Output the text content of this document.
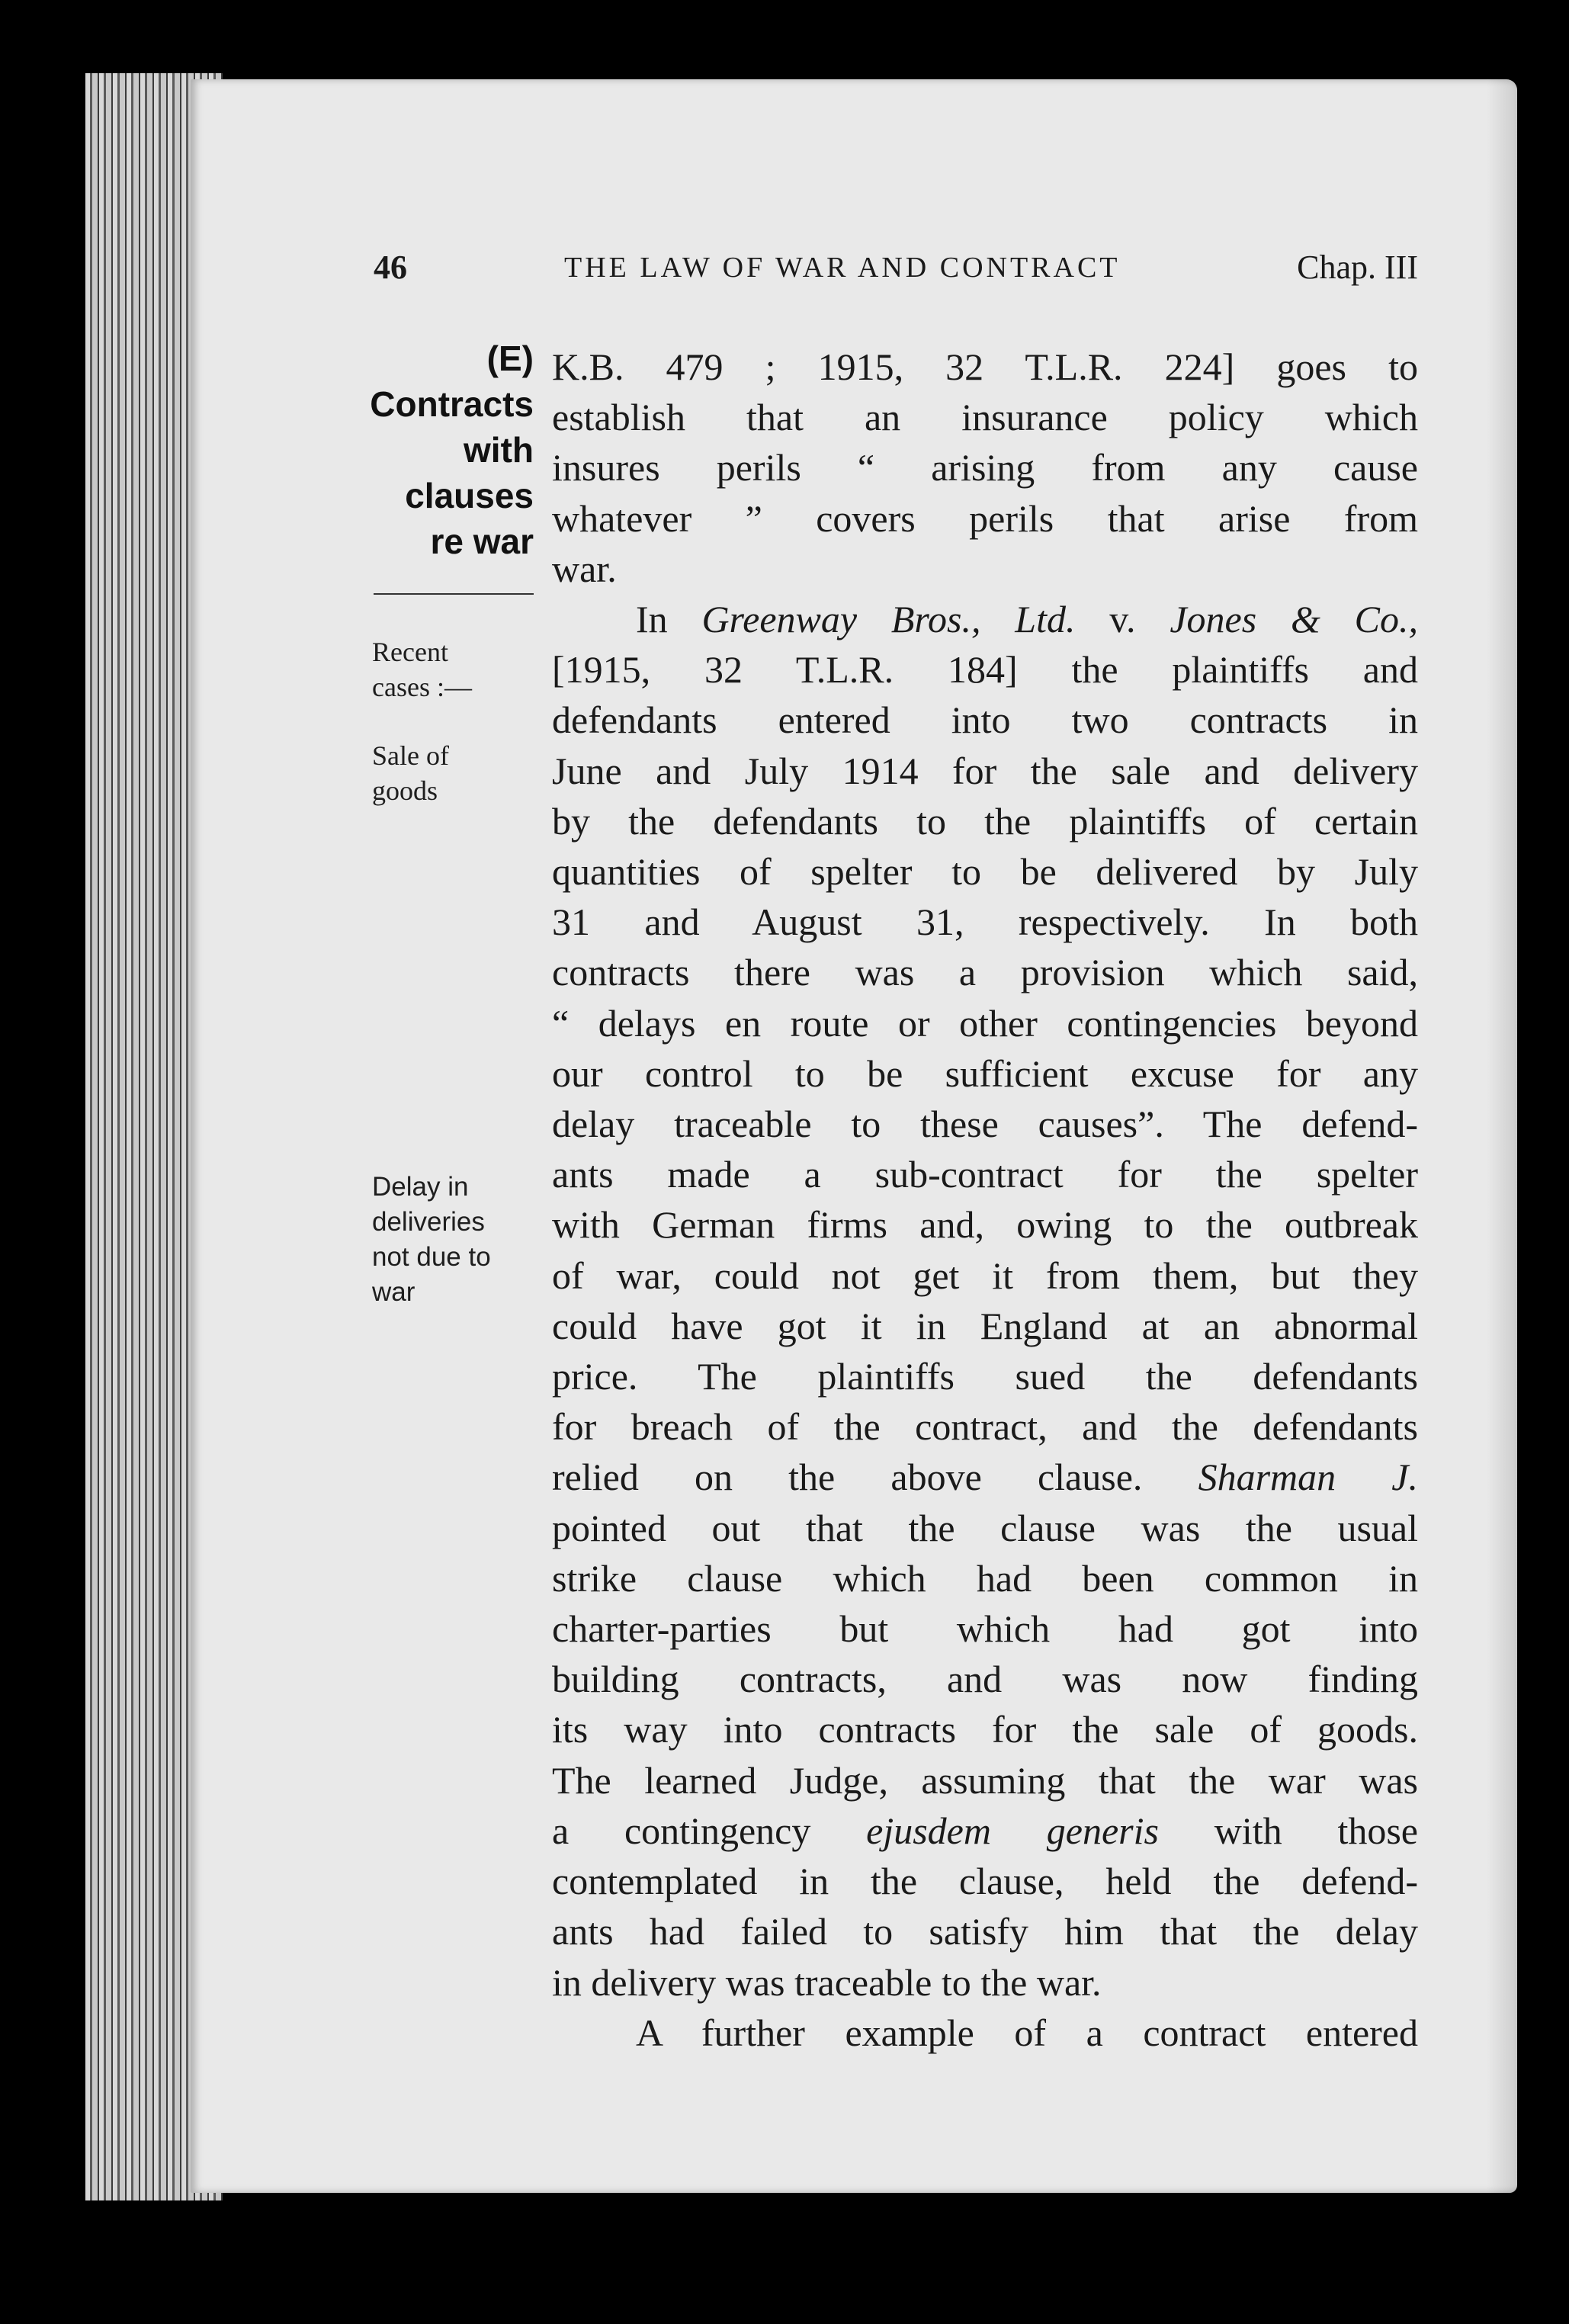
46	THE LAW OF WAR AND CONTRACT	Chap. III
(E)
Contracts
with
clauses
re war
Recent
cases :—
Sale of
goods
Delay in
deliveries
not due to
war

K.B. 479 ; 1915, 32 T.L.R. 224] goes to
establish that an insurance policy which
insures perils “ arising from any cause
whatever ” covers perils that arise from
war.

In Greenway Bros., Ltd. v. Jones & Co.,
[1915, 32 T.L.R. 184] the plaintiffs and
defendants entered into two contracts in
June and July 1914 for the sale and delivery
by the defendants to the plaintiffs of certain
quantities of spelter to be delivered by July
31 and August 31, respectively. In both
contracts there was a provision which said,
“ delays en route or other contingencies beyond
our control to be sufficient excuse for any
delay traceable to these causes”. The defend-
ants made a sub-contract for the spelter
with German firms and, owing to the outbreak
of war, could not get it from them, but they
could have got it in England at an abnormal
price. The plaintiffs sued the defendants
for breach of the contract, and the defendants
relied on the above clause. Sharman J.
pointed out that the clause was the usual
strike clause which had been common in
charter-parties but which had got into
building contracts, and was now finding
its way into contracts for the sale of goods.
The learned Judge, assuming that the war was
a contingency ejusdem generis with those
contemplated in the clause, held the defend-
ants had failed to satisfy him that the delay
in delivery was traceable to the war.

A further example of a contract entered
